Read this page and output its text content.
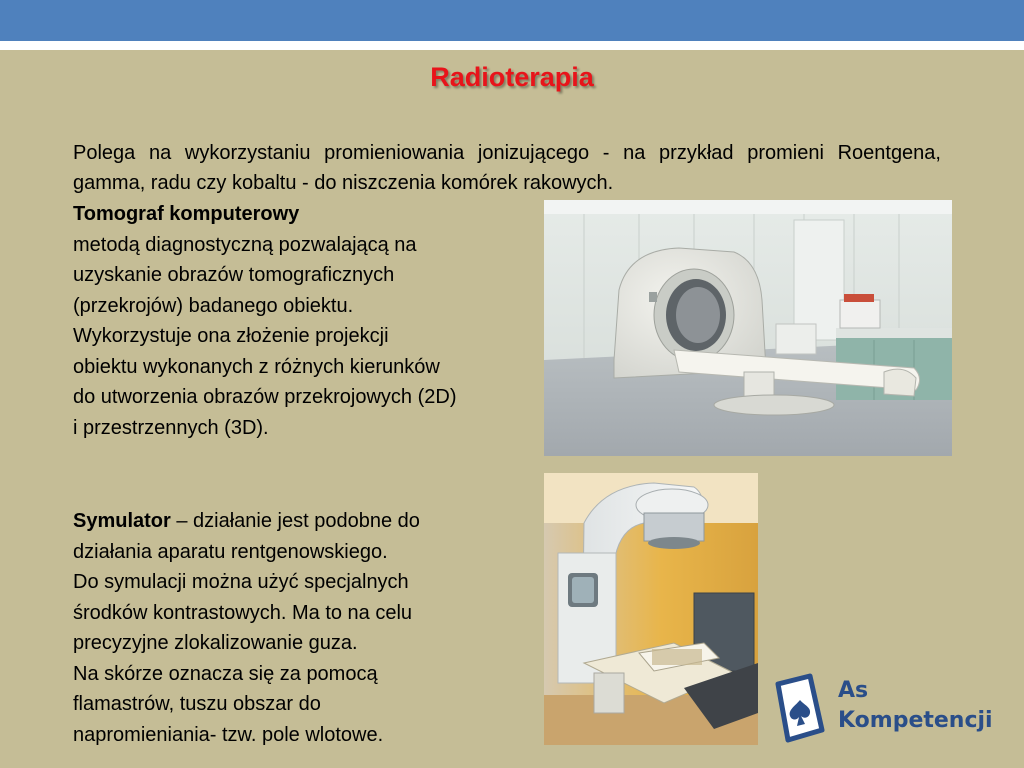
Radioterapia
Polega na wykorzystaniu promieniowania jonizującego - na przykład promieni Roentgena, gamma, radu czy kobaltu - do niszczenia komórek rakowych.
Tomograf komputerowy
metodą diagnostyczną pozwalającą na
uzyskanie obrazów tomograficznych
(przekrojów) badanego obiektu.
Wykorzystuje ona złożenie projekcji
obiektu wykonanych z różnych kierunków
do utworzenia obrazów przekrojowych (2D)
i przestrzennych (3D).
Symulator – działanie jest podobne do
działania aparatu rentgenowskiego.
Do symulacji można użyć specjalnych
środków kontrastowych. Ma to na celu
precyzyjne zlokalizowanie guza.
Na skórze oznacza się za pomocą
flamastrów, tuszu obszar do
napromieniania- tzw. pole wlotowe.
As
Kompetencji
